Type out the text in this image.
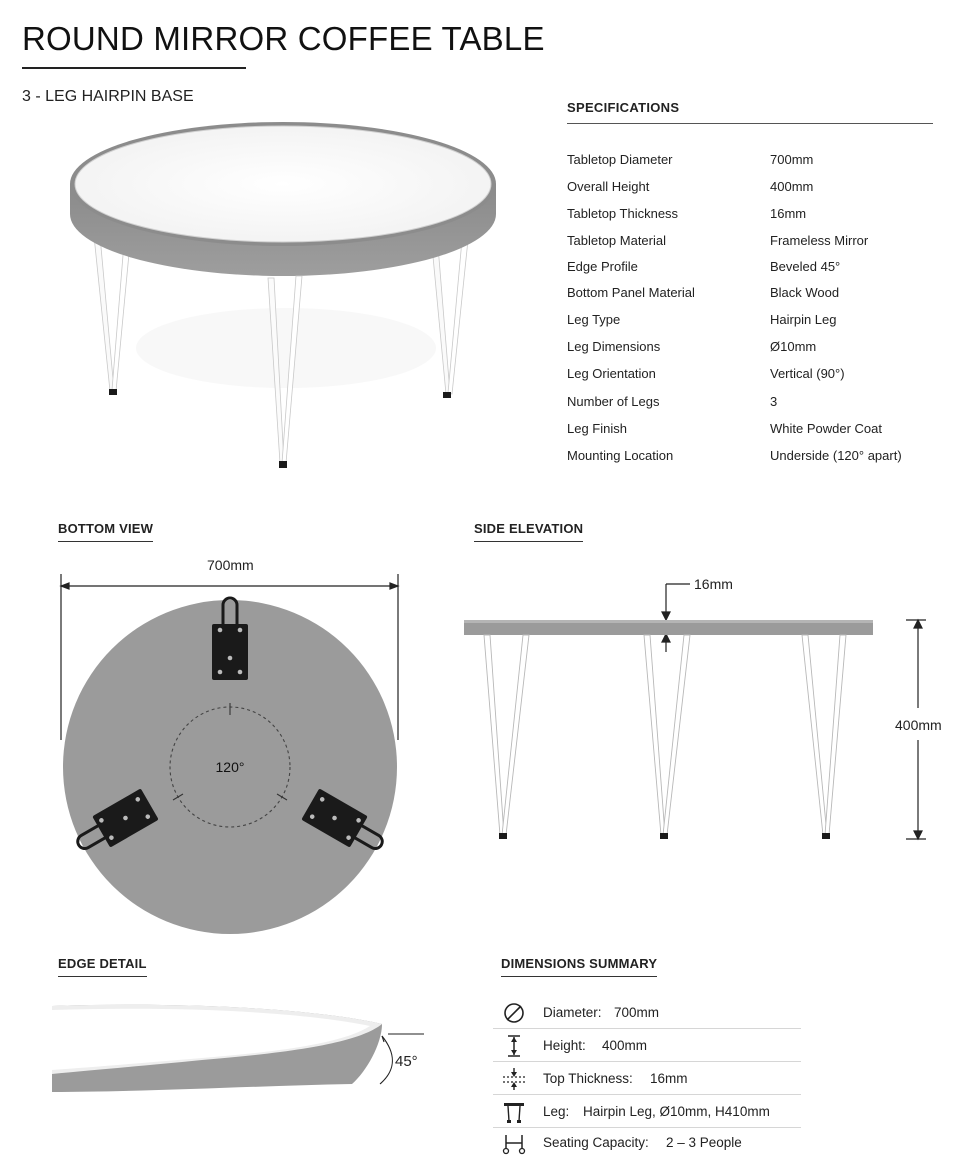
ROUND MIRROR COFFEE TABLE
3 - LEG HAIRPIN BASE
SPECIFICATIONS
Tabletop Diameter	700mm
Overall Height	400mm
Tabletop Thickness	16mm
Tabletop Material	Frameless Mirror
Edge Profile	Beveled 45°
Bottom Panel Material	Black Wood
Leg Type	Hairpin Leg
Leg Dimensions	Ø10mm
Leg Orientation	Vertical (90°)
Number of Legs	3
Leg Finish	White Powder Coat
Mounting Location	Underside (120° apart)
BOTTOM VIEW
700mm
120°
SIDE ELEVATION
16mm
400mm
EDGE DETAIL
45°
DIMENSIONS SUMMARY
Diameter: 700mm
Height: 400mm
Top Thickness: 16mm
Leg: Hairpin Leg, Ø10mm, H410mm
Seating Capacity: 2 – 3 People
